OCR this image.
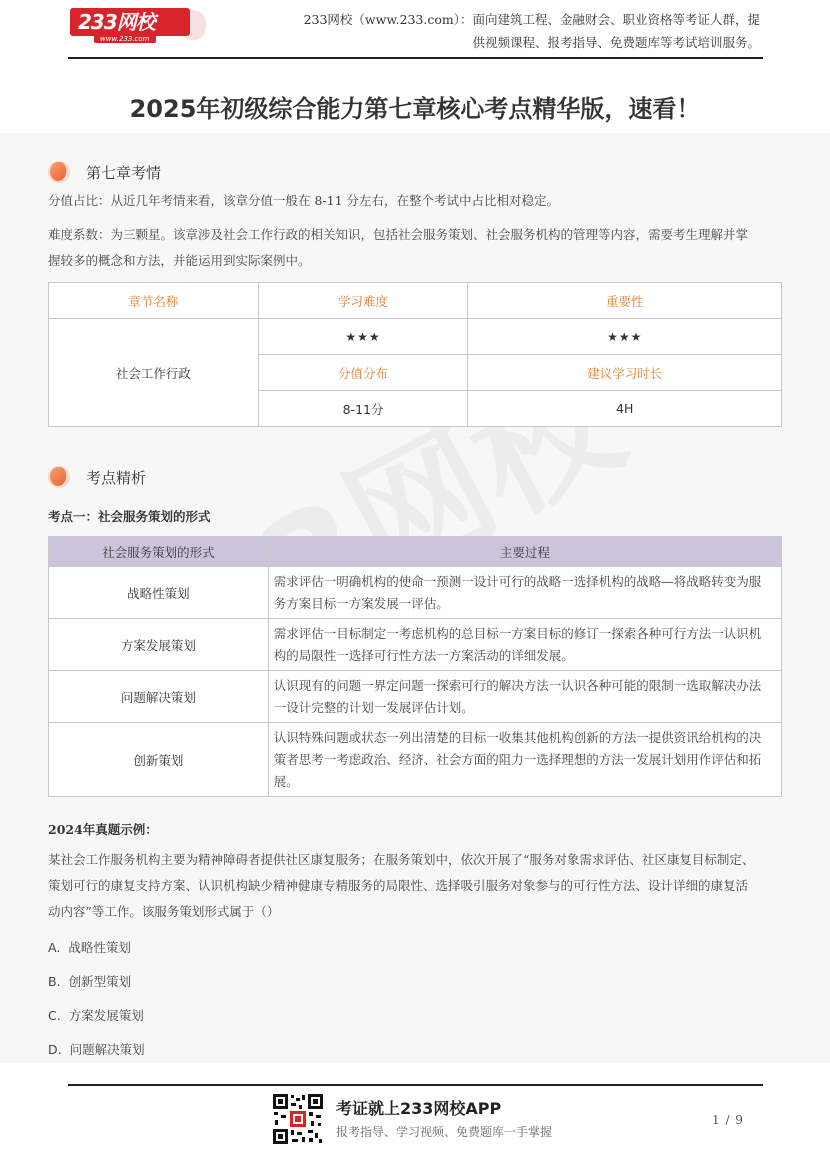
233网校
www.233.com
233网校（www.233.com）：面向建筑工程、金融财会、职业资格等考证人群，提
供视频课程、报考指导、免费题库等考试培训服务。
2025年初级综合能力第七章核心考点精华版，速看！
第七章考情
分值占比：从近几年考情来看，该章分值一般在 8-11 分左右，在整个考试中占比相对稳定。
难度系数：为三颗星。该章涉及社会工作行政的相关知识，包括社会服务策划、社会服务机构的管理等内容，需要考生理解并掌
握较多的概念和方法，并能运用到实际案例中。
章节名称	学习难度	重要性
社会工作行政	★★★	★★★
	分值分布	建议学习时长
	8-11分	4H
考点精析
考点一：社会服务策划的形式
社会服务策划的形式	主要过程
战略性策划	需求评估一明确机构的使命一预测一设计可行的战略一选择机构的战略—将战略转变为服
务方案目标一方案发展一评估。

方案发展策划	需求评估一目标制定一考虑机构的总目标一方案目标的修订一探索各种可行方法一认识机
构的局限性一选择可行性方法一方案活动的详细发展。

问题解决策划	认识现有的问题一界定问题一探索可行的解决方法一认识各种可能的限制一选取解决办法
一设计完整的计划一发展评估计划。

创新策划	认识特殊问题或状态一列出清楚的目标一收集其他机构创新的方法一提供资讯给机构的决
策者思考一考虑政治、经济、社会方面的阻力一选择理想的方法一发展计划用作评估和拓
展。
2024年真题示例：
某社会工作服务机构主要为精神障碍者提供社区康复服务；在服务策划中，依次开展了“服务对象需求评估、社区康复目标制定、
策划可行的康复支持方案、认识机构缺少精神健康专精服务的局限性、选择吸引服务对象参与的可行性方法、设计详细的康复活
动内容”等工作。该服务策划形式属于（）
A. 战略性策划
B. 创新型策划
C. 方案发展策划
D. 问题解决策划
考证就上233网校APP
报考指导、学习视频、免费题库一手掌握
1 / 9
